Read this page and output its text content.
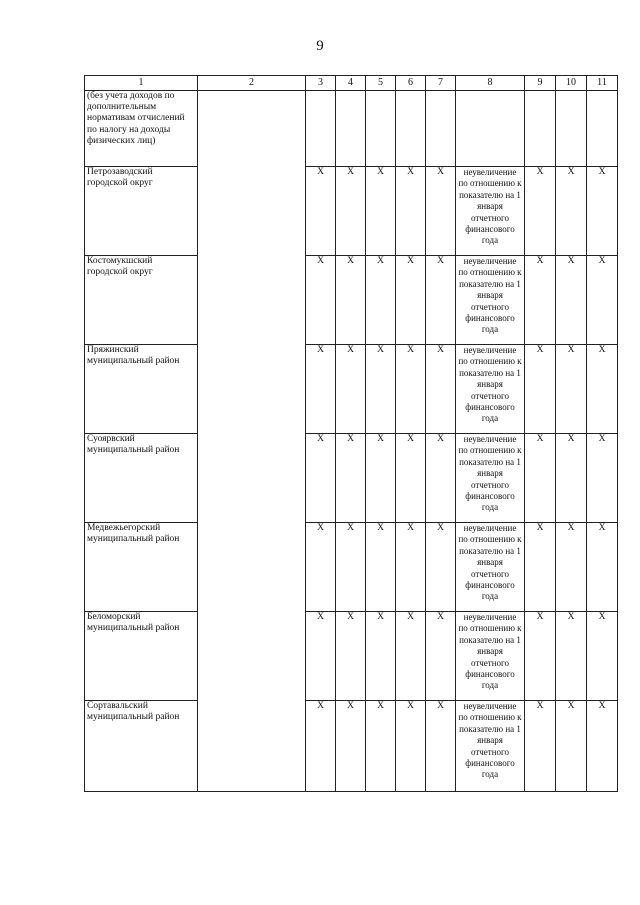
9
1	2	3	4	5	6	7	8	9	10	11
(без учета доходов по дополнительным нормативам отчислений по налогу на доходы физических лиц)										
Петрозаводский городской округ		Х	Х	Х	Х	Х	неувеличение по отношению к показателю на 1 января отчетного финансового года	Х	Х	Х
Костомукшский городской округ		Х	Х	Х	Х	Х	неувеличение по отношению к показателю на 1 января отчетного финансового года	Х	Х	Х
Пряжинский муниципальный район		Х	Х	Х	Х	Х	неувеличение по отношению к показателю на 1 января отчетного финансового года	Х	Х	Х
Суоярвский муниципальный район		Х	Х	Х	Х	Х	неувеличение по отношению к показателю на 1 января отчетного финансового года	Х	Х	Х
Медвежьегорский муниципальный район		Х	Х	Х	Х	Х	неувеличение по отношению к показателю на 1 января отчетного финансового года	Х	Х	Х
Беломорский муниципальный район		Х	Х	Х	Х	Х	неувеличение по отношению к показателю на 1 января отчетного финансового года	Х	Х	Х
Сортавальский муниципальный район		Х	Х	Х	Х	Х	неувеличение по отношению к показателю на 1 января отчетного финансового года	Х	Х	Х
